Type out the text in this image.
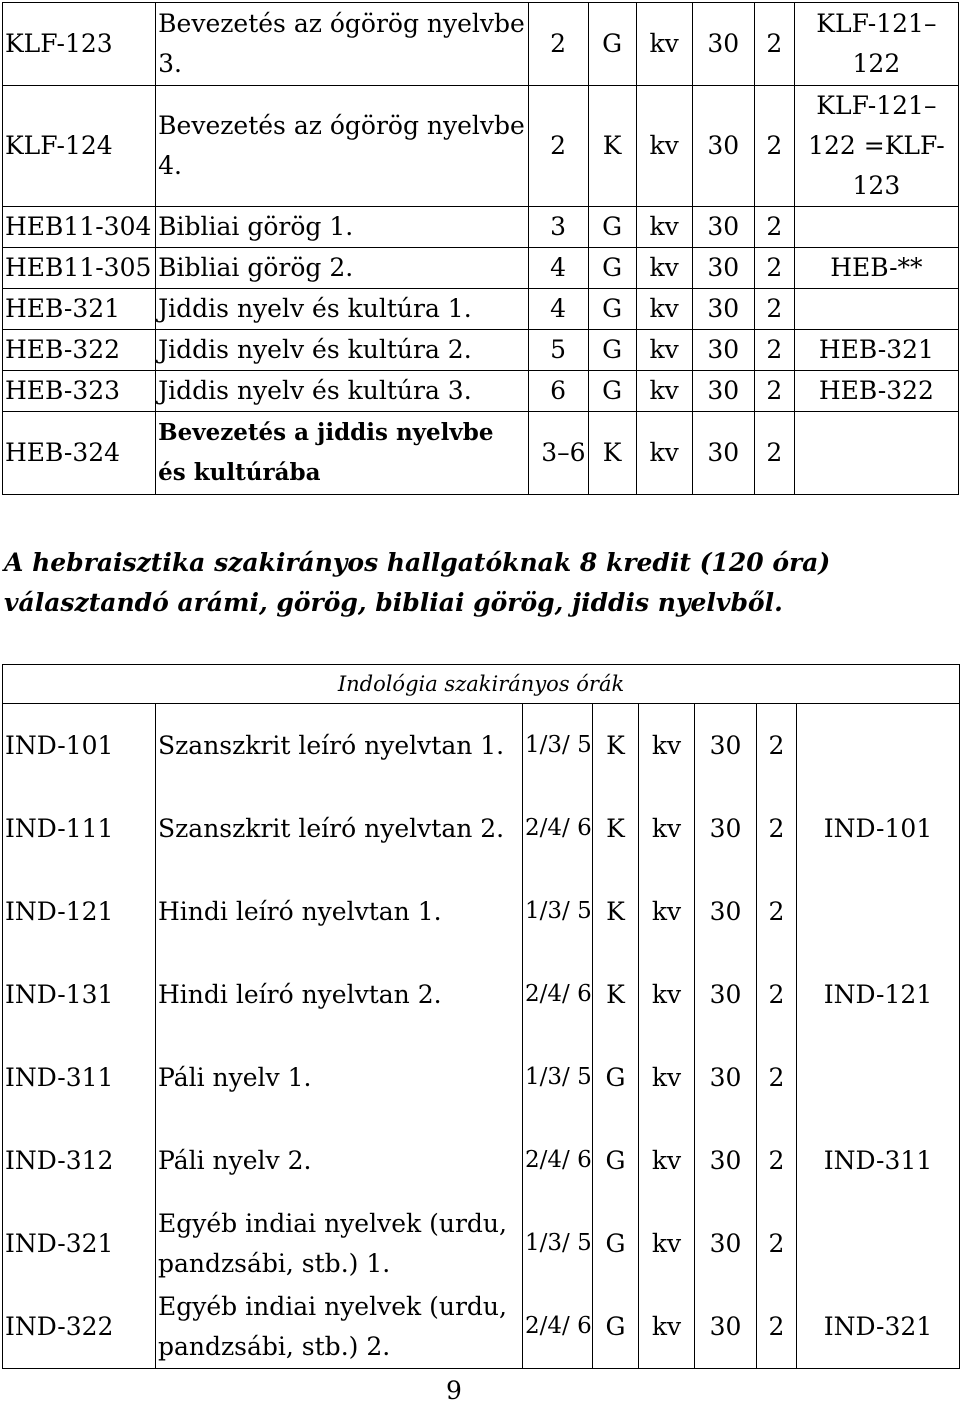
KLF-123	Bevezetés az ógörög nyelvbe 3.	2	G	kv	30	2	KLF-121–122
KLF-124	Bevezetés az ógörög nyelvbe 4.	2	K	kv	30	2	KLF-121–122 =KLF-123
HEB11-304	Bibliai görög 1.	3	G	kv	30	2	
HEB11-305	Bibliai görög 2.	4	G	kv	30	2	HEB-**
HEB-321	Jiddis nyelv és kultúra 1.	4	G	kv	30	2	
HEB-322	Jiddis nyelv és kultúra 2.	5	G	kv	30	2	HEB-321
HEB-323	Jiddis nyelv és kultúra 3.	6	G	kv	30	2	HEB-322
HEB-324	Bevezetés a jiddis nyelvbe és kultúrába	3–6	K	kv	30	2	
A hebraisztika szakirányos hallgatóknak 8 kredit (120 óra) választandó arámi, görög, bibliai görög, jiddis nyelvből.
Indológia szakirányos órák							
IND-101	Szanszkrit leíró nyelvtan 1.	1/3/ 5	K	kv	30	2	
IND-111	Szanszkrit leíró nyelvtan 2.	2/4/ 6	K	kv	30	2	IND-101
IND-121	Hindi leíró nyelvtan 1.	1/3/ 5	K	kv	30	2	
IND-131	Hindi leíró nyelvtan 2.	2/4/ 6	K	kv	30	2	IND-121
IND-311	Páli nyelv 1.	1/3/ 5	G	kv	30	2	
IND-312	Páli nyelv 2.	2/4/ 6	G	kv	30	2	IND-311
IND-321	Egyéb indiai nyelvek (urdu, pandzsábi, stb.) 1.	1/3/ 5	G	kv	30	2	
IND-322	Egyéb indiai nyelvek (urdu, pandzsábi, stb.) 2.	2/4/ 6	G	kv	30	2	IND-321
9
